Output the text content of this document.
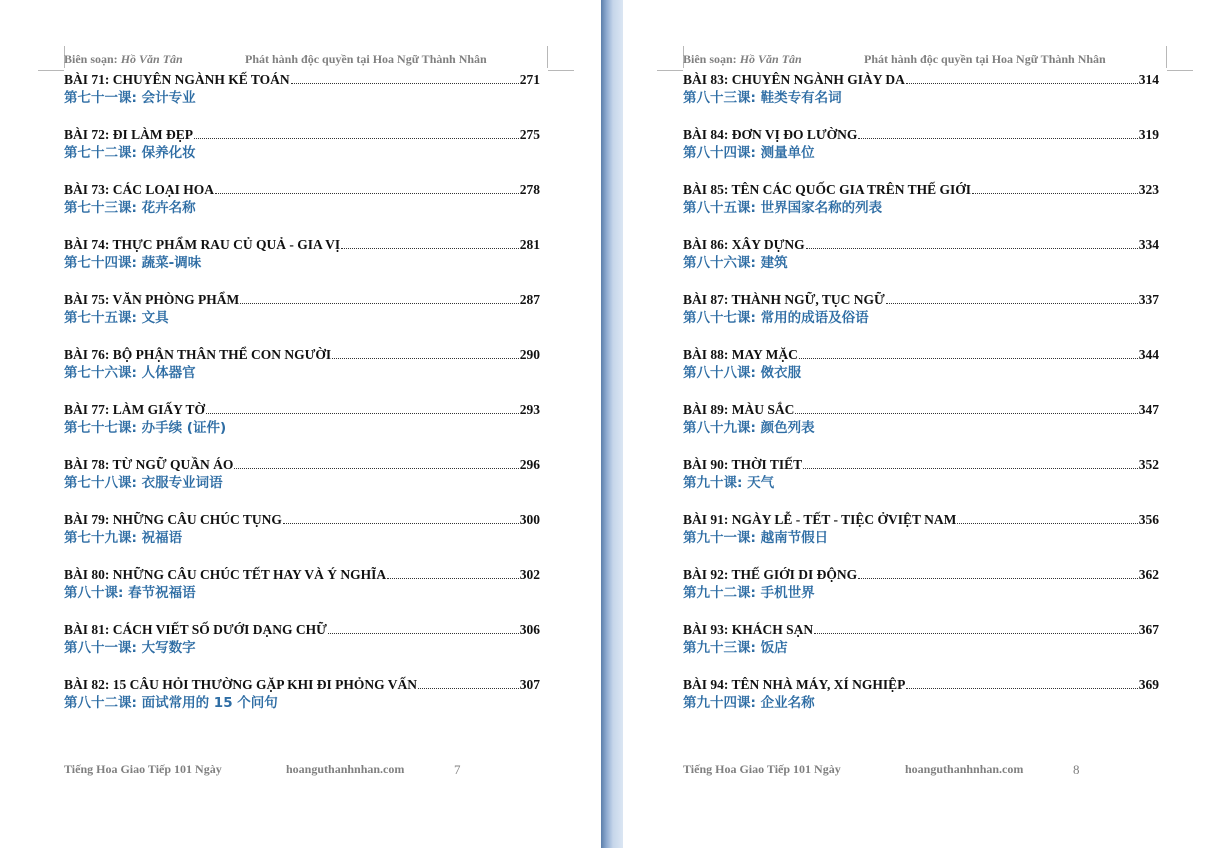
Biên soạn: Hồ Văn Tân	Phát hành độc quyền tại Hoa Ngữ Thành Nhân
BÀI 71: CHUYÊN NGÀNH KẾ TOÁN	271
第七十一课: 会计专业
BÀI 72: ĐI LÀM ĐẸP	275
第七十二课: 保养化妆
BÀI 73: CÁC LOẠI HOA	278
第七十三课: 花卉名称
BÀI 74: THỰC PHẨM RAU CỦ QUẢ - GIA VỊ	281
第七十四课: 蔬菜-调味
BÀI 75: VĂN PHÒNG PHẨM	287
第七十五课: 文具
BÀI 76: BỘ PHẬN THÂN THỂ CON NGƯỜI	290
第七十六课: 人体器官
BÀI 77: LÀM GIẤY TỜ	293
第七十七课: 办手续 (证件)
BÀI 78: TỪ NGỮ QUẦN ÁO	296
第七十八课: 衣服专业词语
BÀI 79: NHỮNG CÂU CHÚC TỤNG	300
第七十九课: 祝福语
BÀI 80: NHỮNG CÂU CHÚC TẾT HAY VÀ Ý NGHĨA	302
第八十课: 春节祝福语
BÀI 81: CÁCH VIẾT SỐ DƯỚI DẠNG CHỮ	306
第八十一课: 大写数字
BÀI 82: 15 CÂU HỎI THƯỜNG GẶP KHI ĐI PHỎNG VẤN	307
第八十二课: 面试常用的 15 个问句
Tiếng Hoa Giao Tiếp 101 Ngày	hoanguthanhnhan.com	7
Biên soạn: Hồ Văn Tân	Phát hành độc quyền tại Hoa Ngữ Thành Nhân
BÀI 83: CHUYÊN NGÀNH GIÀY DA	314
第八十三课: 鞋类专有名词
BÀI 84: ĐƠN VỊ ĐO LƯỜNG	319
第八十四课: 测量单位
BÀI 85: TÊN CÁC QUỐC GIA TRÊN THẾ GIỚI	323
第八十五课: 世界国家名称的列表
BÀI 86: XÂY DỰNG	334
第八十六课: 建筑
BÀI 87: THÀNH NGỮ, TỤC NGỮ	337
第八十七课: 常用的成语及俗语
BÀI 88: MAY MẶC	344
第八十八课: 傚衣服
BÀI 89: MÀU SẮC	347
第八十九课: 颜色列表
BÀI 90: THỜI TIẾT	352
第九十课: 天气
BÀI 91: NGÀY LỄ - TẾT - TIỆC ỞVIỆT NAM	356
第九十一课: 越南节假日
BÀI 92: THẾ GIỚI DI ĐỘNG	362
第九十二课: 手机世界
BÀI 93: KHÁCH SẠN	367
第九十三课: 饭店
BÀI 94: TÊN NHÀ MÁY, XÍ NGHIỆP	369
第九十四课: 企业名称
Tiếng Hoa Giao Tiếp 101 Ngày	hoanguthanhnhan.com	8
